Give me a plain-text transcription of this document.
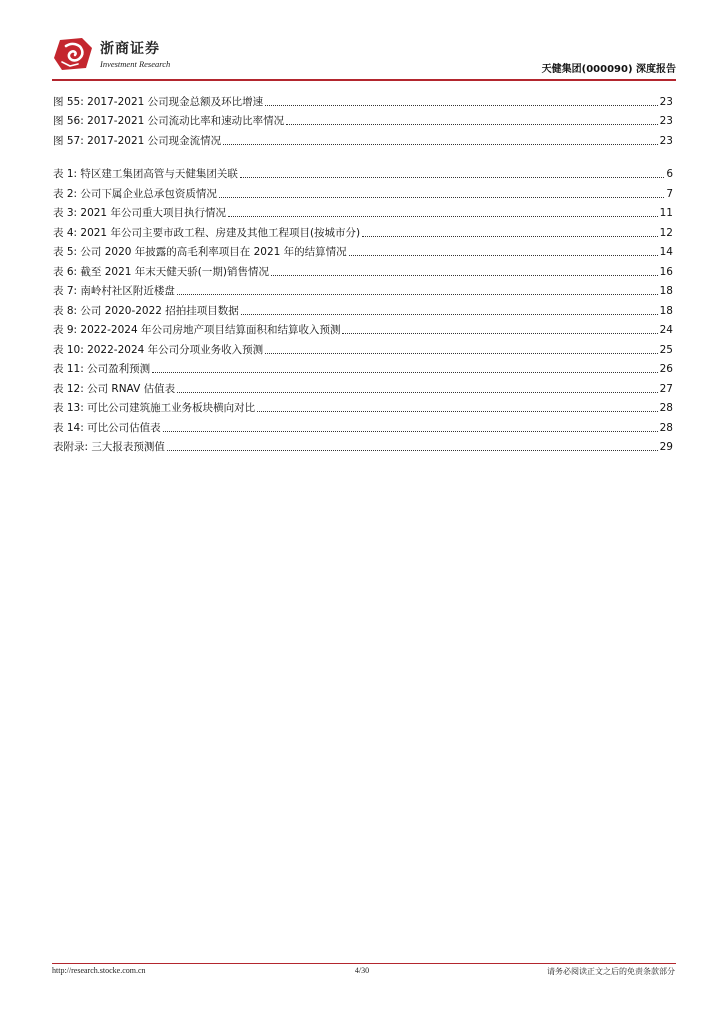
浙商证券
Investment Research	天健集团(000090) 深度报告
图 55: 2017-2021 公司现金总额及环比增速	23
图 56: 2017-2021 公司流动比率和速动比率情况	23
图 57: 2017-2021 公司现金流情况	23
表 1: 特区建工集团高管与天健集团关联	6
表 2: 公司下属企业总承包资质情况	7
表 3: 2021 年公司重大项目执行情况	11
表 4: 2021 年公司主要市政工程、房建及其他工程项目(按城市分)	12
表 5: 公司 2020 年披露的高毛利率项目在 2021 年的结算情况	14
表 6: 截至 2021 年末天健天骄(一期)销售情况	16
表 7: 南岭村社区附近楼盘	18
表 8: 公司 2020-2022 招拍挂项目数据	18
表 9: 2022-2024 年公司房地产项目结算面积和结算收入预测	24
表 10: 2022-2024 年公司分项业务收入预测	25
表 11: 公司盈利预测	26
表 12: 公司 RNAV 估值表	27
表 13: 可比公司建筑施工业务板块横向对比	28
表 14: 可比公司估值表	28
表附录: 三大报表预测值	29
http://research.stocke.com.cn	4/30	请务必阅读正文之后的免责条款部分
